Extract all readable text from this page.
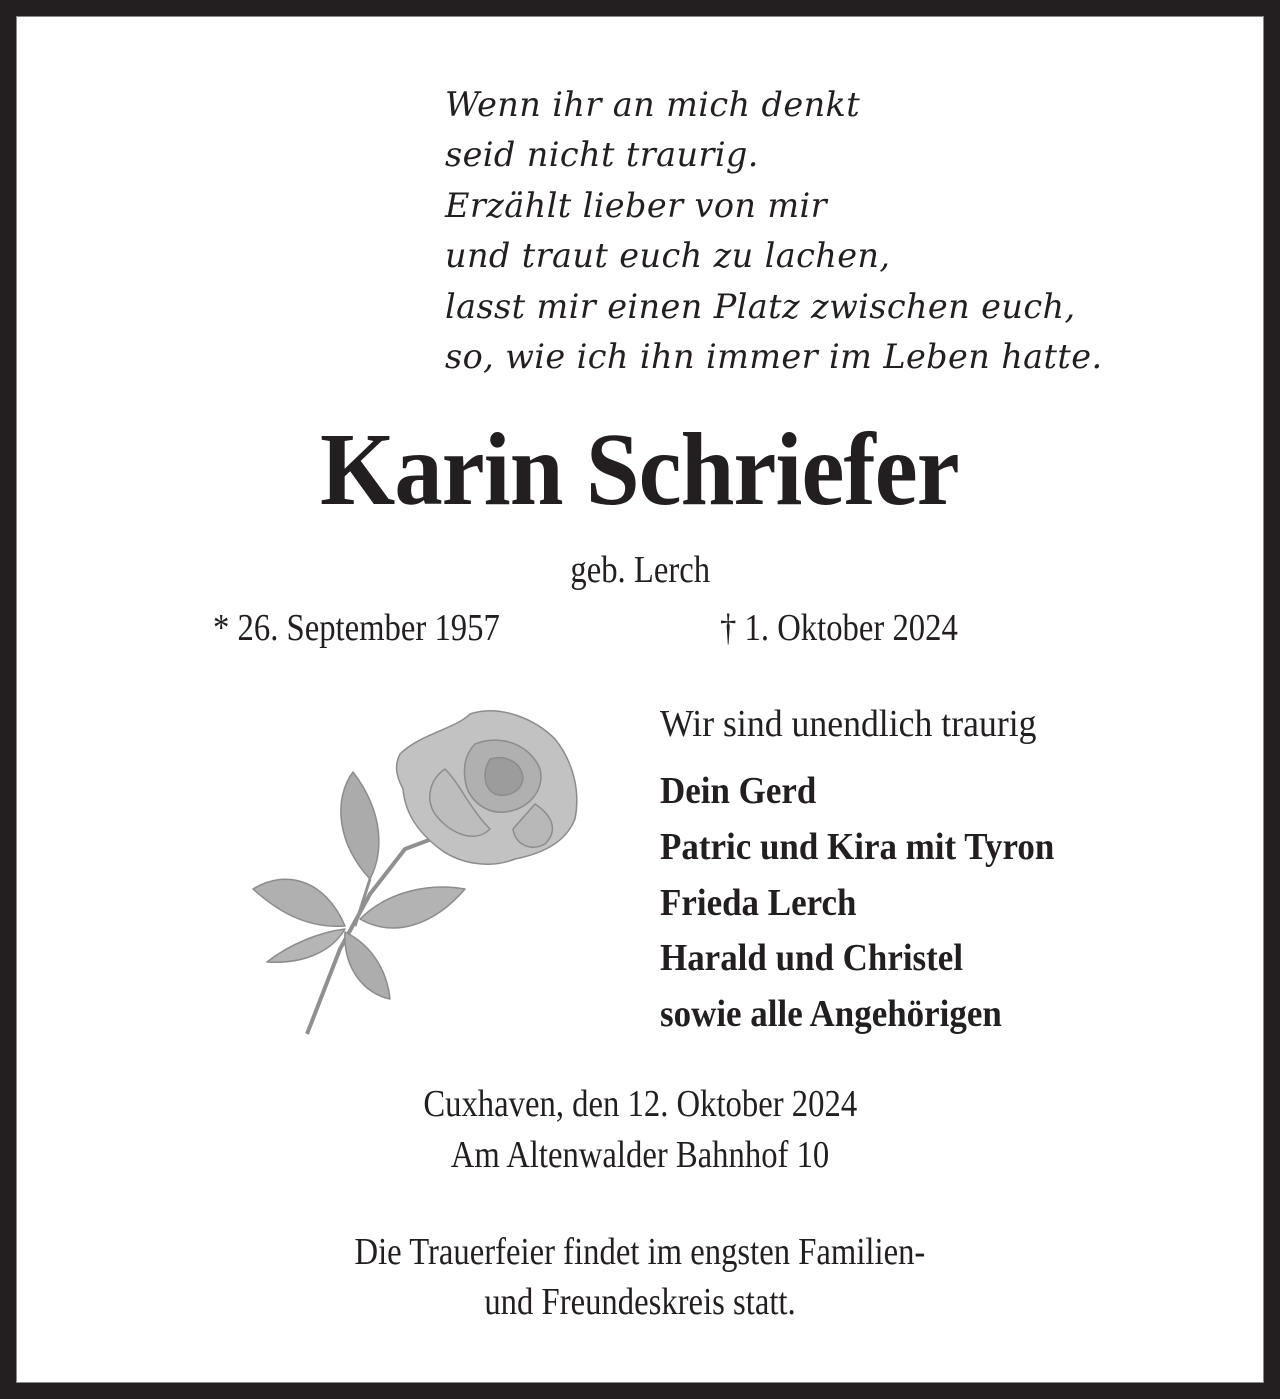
Wenn ihr an mich denkt
seid nicht traurig.
Erzählt lieber von mir
und traut euch zu lachen,
lasst mir einen Platz zwischen euch,
so, wie ich ihn immer im Leben hatte.
Karin Schriefer
geb. Lerch
* 26. September 1957	† 1. Oktober 2024
Wir sind unendlich traurig
Dein Gerd
Patric und Kira mit Tyron
Frieda Lerch
Harald und Christel
sowie alle Angehörigen
Cuxhaven, den 12. Oktober 2024
Am Altenwalder Bahnhof 10
Die Trauerfeier findet im engsten Familien-
und Freundeskreis statt.
